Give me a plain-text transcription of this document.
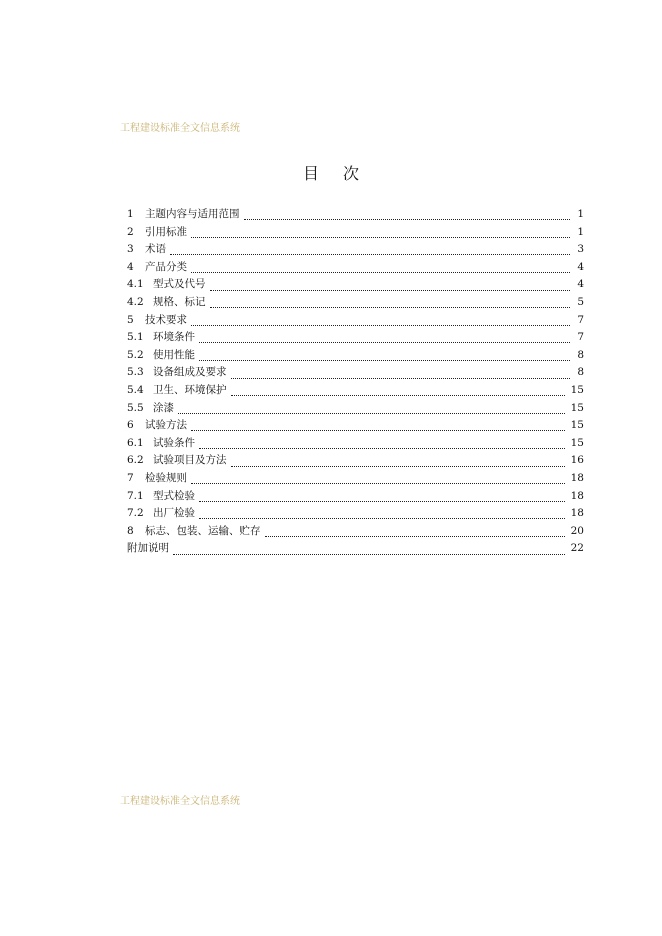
工程建设标准全文信息系统
目次
1	主题内容与适用范围	1
2	引用标准	1
3	术语	3
4	产品分类	4
4.1 型式及代号	4
4.2 规格、标记	5
5	技术要求	7
5.1 环境条件	7
5.2 使用性能	8
5.3 设备组成及要求	8
5.4 卫生、环境保护	15
5.5 涂漆	15
6	试验方法	15
6.1 试验条件	15
6.2 试验项目及方法	16
7	检验规则	18
7.1 型式检验	18
7.2 出厂检验	18
8	标志、包装、运输、贮存	20
附加说明	22
工程建设标准全文信息系统
